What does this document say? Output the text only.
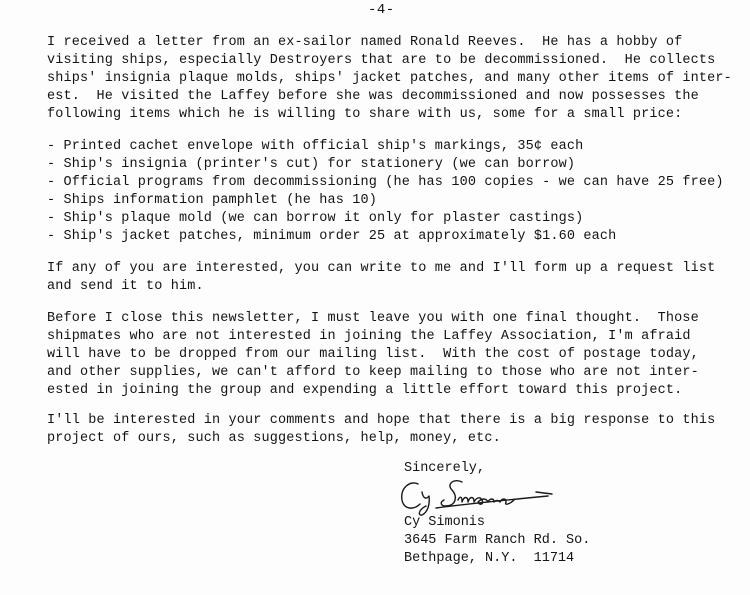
-4-
I received a letter from an ex-sailor named Ronald Reeves.  He has a hobby of
visiting ships, especially Destroyers that are to be decommissioned.  He collects
ships' insignia plaque molds, ships' jacket patches, and many other items of inter-
est.  He visited the Laffey before she was decommissioned and now possesses the
following items which he is willing to share with us, some for a small price:
- Printed cachet envelope with official ship's markings, 35¢ each
- Ship's insignia (printer's cut) for stationery (we can borrow)
- Official programs from decommissioning (he has 100 copies - we can have 25 free)
- Ships information pamphlet (he has 10)
- Ship's plaque mold (we can borrow it only for plaster castings)
- Ship's jacket patches, minimum order 25 at approximately $1.60 each
If any of you are interested, you can write to me and I'll form up a request list
and send it to him.
Before I close this newsletter, I must leave you with one final thought.  Those
shipmates who are not interested in joining the Laffey Association, I'm afraid
will have to be dropped from our mailing list.  With the cost of postage today,
and other supplies, we can't afford to keep mailing to those who are not inter-
ested in joining the group and expending a little effort toward this project.
I'll be interested in your comments and hope that there is a big response to this
project of ours, such as suggestions, help, money, etc.
Sincerely,
Cy Simonis
3645 Farm Ranch Rd. So.
Bethpage, N.Y.  11714
